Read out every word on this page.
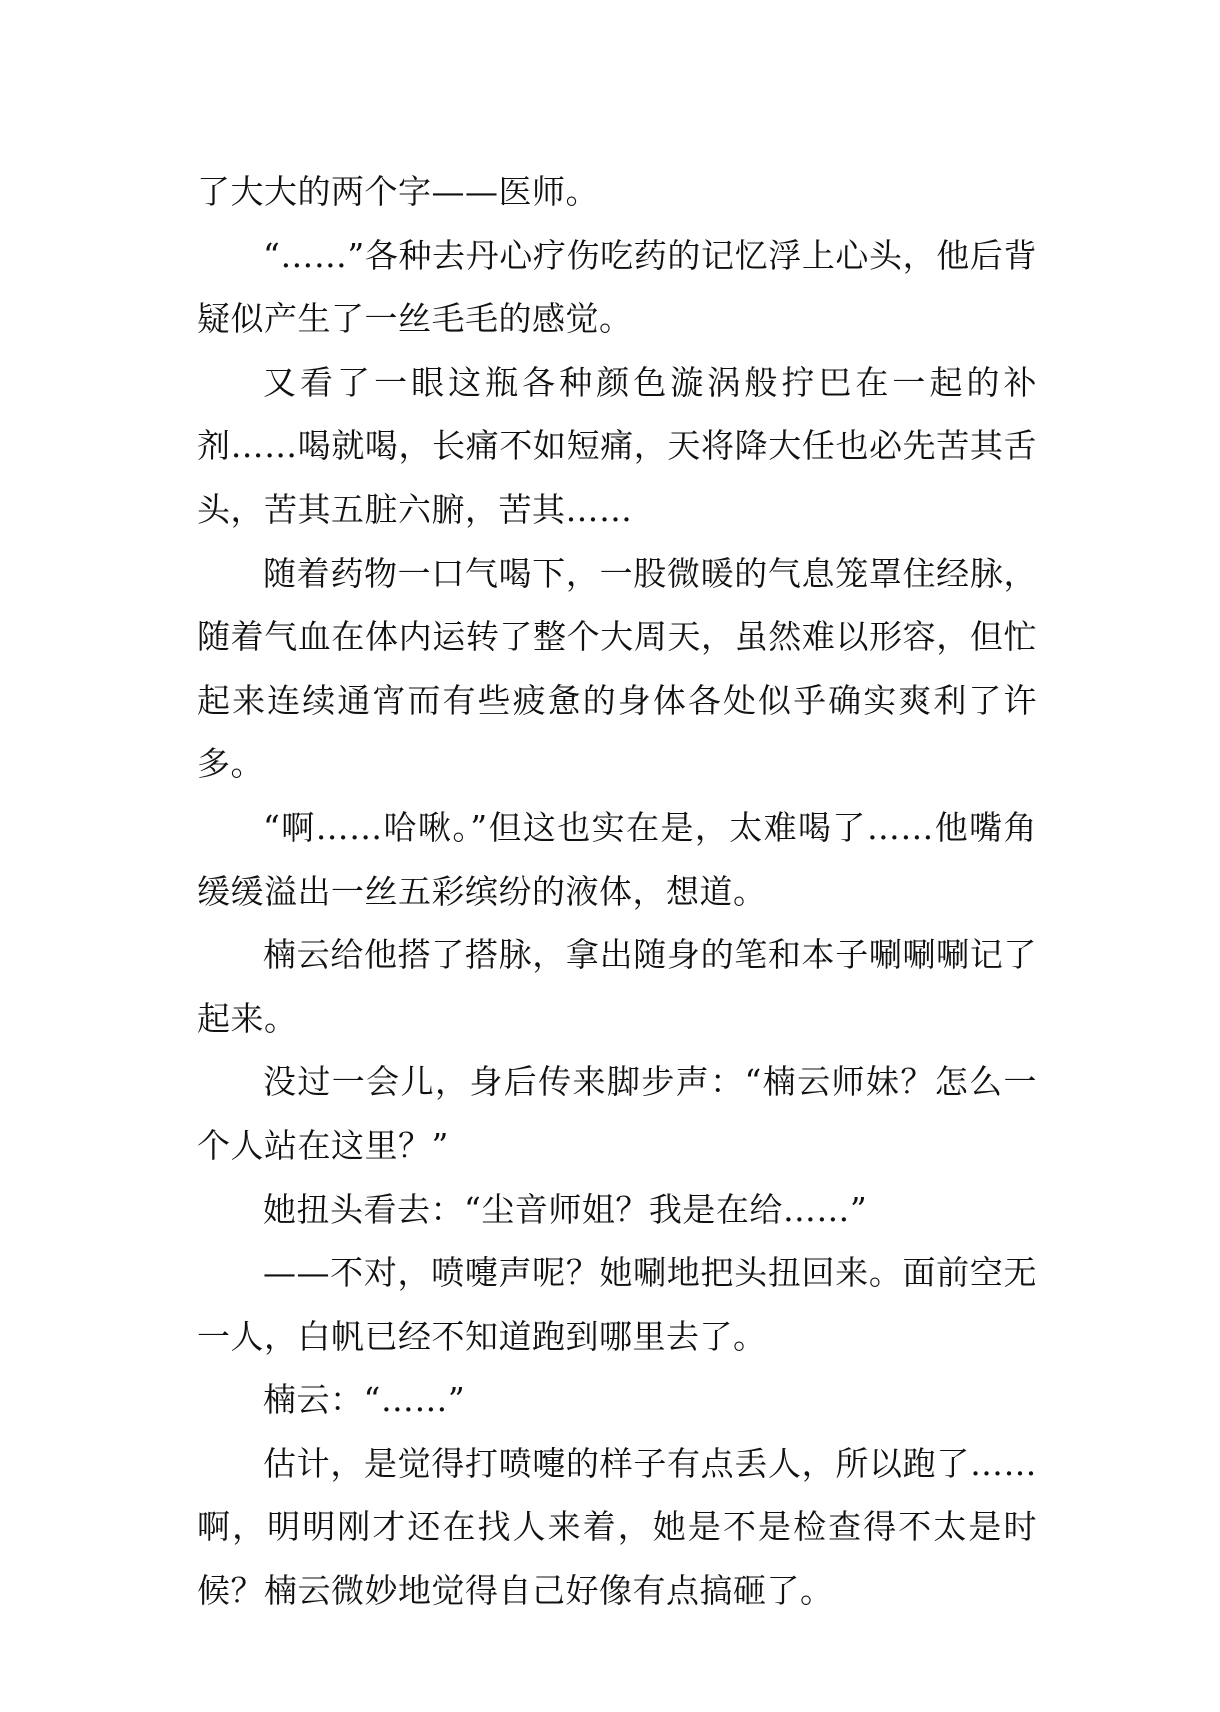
了大大的两个字——医师。

“……”各种去丹心疗伤吃药的记忆浮上心头，他后背疑似产生了一丝毛毛的感觉。

又看了一眼这瓶各种颜色漩涡般拧巴在一起的补剂……喝就喝，长痛不如短痛，天将降大任也必先苦其舌头，苦其五脏六腑，苦其……

随着药物一口气喝下，一股微暖的气息笼罩住经脉，随着气血在体内运转了整个大周天，虽然难以形容，但忙起来连续通宵而有些疲惫的身体各处似乎确实爽利了许多。

“啊……哈啾。”但这也实在是，太难喝了……他嘴角缓缓溢出一丝五彩缤纷的液体，想道。

楠云给他搭了搭脉，拿出随身的笔和本子唰唰唰记了起来。

没过一会儿，身后传来脚步声：“楠云师妹？怎么一个人站在这里？”

她扭头看去：“尘音师姐？我是在给……”

——不对，喷嚏声呢？她唰地把头扭回来。面前空无一人，白帆已经不知道跑到哪里去了。

楠云：“……”

估计，是觉得打喷嚏的样子有点丢人，所以跑了……啊，明明刚才还在找人来着，她是不是检查得不太是时候？楠云微妙地觉得自己好像有点搞砸了。
